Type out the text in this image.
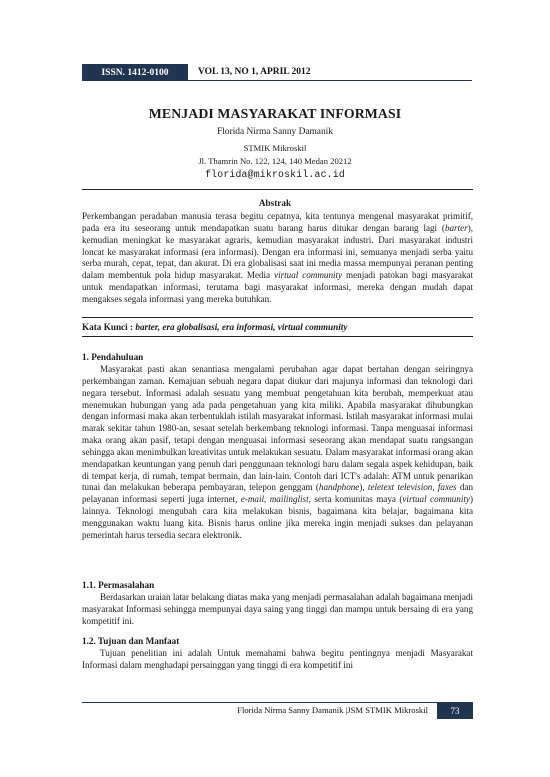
ISSN. 1412-0100	VOL 13, NO 1, APRIL 2012
MENJADI MASYARAKAT INFORMASI
Florida Nirma Sanny Damanik
STMIK Mikroskil
Jl. Thamrin No. 122, 124, 140 Medan 20212
florida@mikroskil.ac.id
Abstrak
Perkembangan peradaban manusia terasa begitu cepatnya, kita tentunya mengenal masyarakat primitif, pada era itu seseorang untuk mendapatkan suatu barang harus ditukar dengan barang lagi (barter), kemudian meningkat ke masyarakat agraris, kemudian masyarakat industri. Dari masyarakat industri loncat ke masyarakat informasi (era informasi). Dengan era informasi ini, semuanya menjadi serba yaitu serba murah, cepat, tepat, dan akurat. Di era globalisasi saat ini media massa mempunyai peranan penting dalam membentuk pola hidup masyarakat. Media virtual community menjadi patokan bagi masyarakat untuk mendapatkan informasi, terutama bagi masyarakat informasi, mereka dengan mudah dapat mengakses segala informasi yang mereka butuhkan.
Kata Kunci : barter, era globalisasi, era informasi, virtual community
1. Pendahuluan
Masyarakat pasti akan senantiasa mengalami perubahan agar dapat bertahan dengan seiringnya perkembangan zaman. Kemajuan sebuah negara dapat diukur dari majunya informasi dan teknologi dari negara tersebut. Informasi adalah sesuatu yang membuat pengetahuan kita berubah, memperkuat atau menemukan hubungan yang ada pada pengetahuan yang kita miliki. Apabila masyarakat dihubungkan dengan informasi maka akan terbentuklah istilah masyarakat informasi. Istilah masyarakat informasi mulai marak sekitar tahun 1980-an, sesaat setelah berkembang teknologi informasi. Tanpa menguasai informasi maka orang akan pasif, tetapi dengan menguasai informasi seseorang akan mendapat suatu rangsangan sehingga akan menimbulkan kreativitas untuk melakukan sesuatu. Dalam masyarakat informasi orang akan mendapatkan keuntungan yang penuh dari penggunaan teknologi baru dalam segala aspek kehidupan, baik di tempat kerja, di rumah, tempat bermain, dan lain-lain. Contoh dari ICT's adalah: ATM untuk penarikan tunai dan melakukan beberapa pembayaran, telepon genggam (handphone), teletext television, faxes dan pelayanan informasi seperti juga internet, e-mail, mailinglist, serta komunitas maya (virtual community) lainnya. Teknologi mengubah cara kita melakukan bisnis, bagaimana kita belajar, bagaimana kita menggunakan waktu luang kita. Bisnis harus online jika mereka ingin menjadi sukses dan pelayanan pemerintah harus tersedia secara elektronik.
1.1. Permasalahan
Berdasarkan uraian latar belakang diatas maka yang menjadi permasalahan adalah bagaimana menjadi masyarakat Informasi sehingga mempunyai daya saing yang tinggi dan mampu untuk bersaing di era yang kompetitif ini.
1.2. Tujuan dan Manfaat
Tujuan penelitian ini adalah Untuk memahami bahwa begitu pentingnya menjadi Masyarakat Informasi dalam menghadapi persainggan yang tinggi di era kompetitif ini
Florida Nirma Sanny Damanik |JSM STMIK Mikroskil	73
